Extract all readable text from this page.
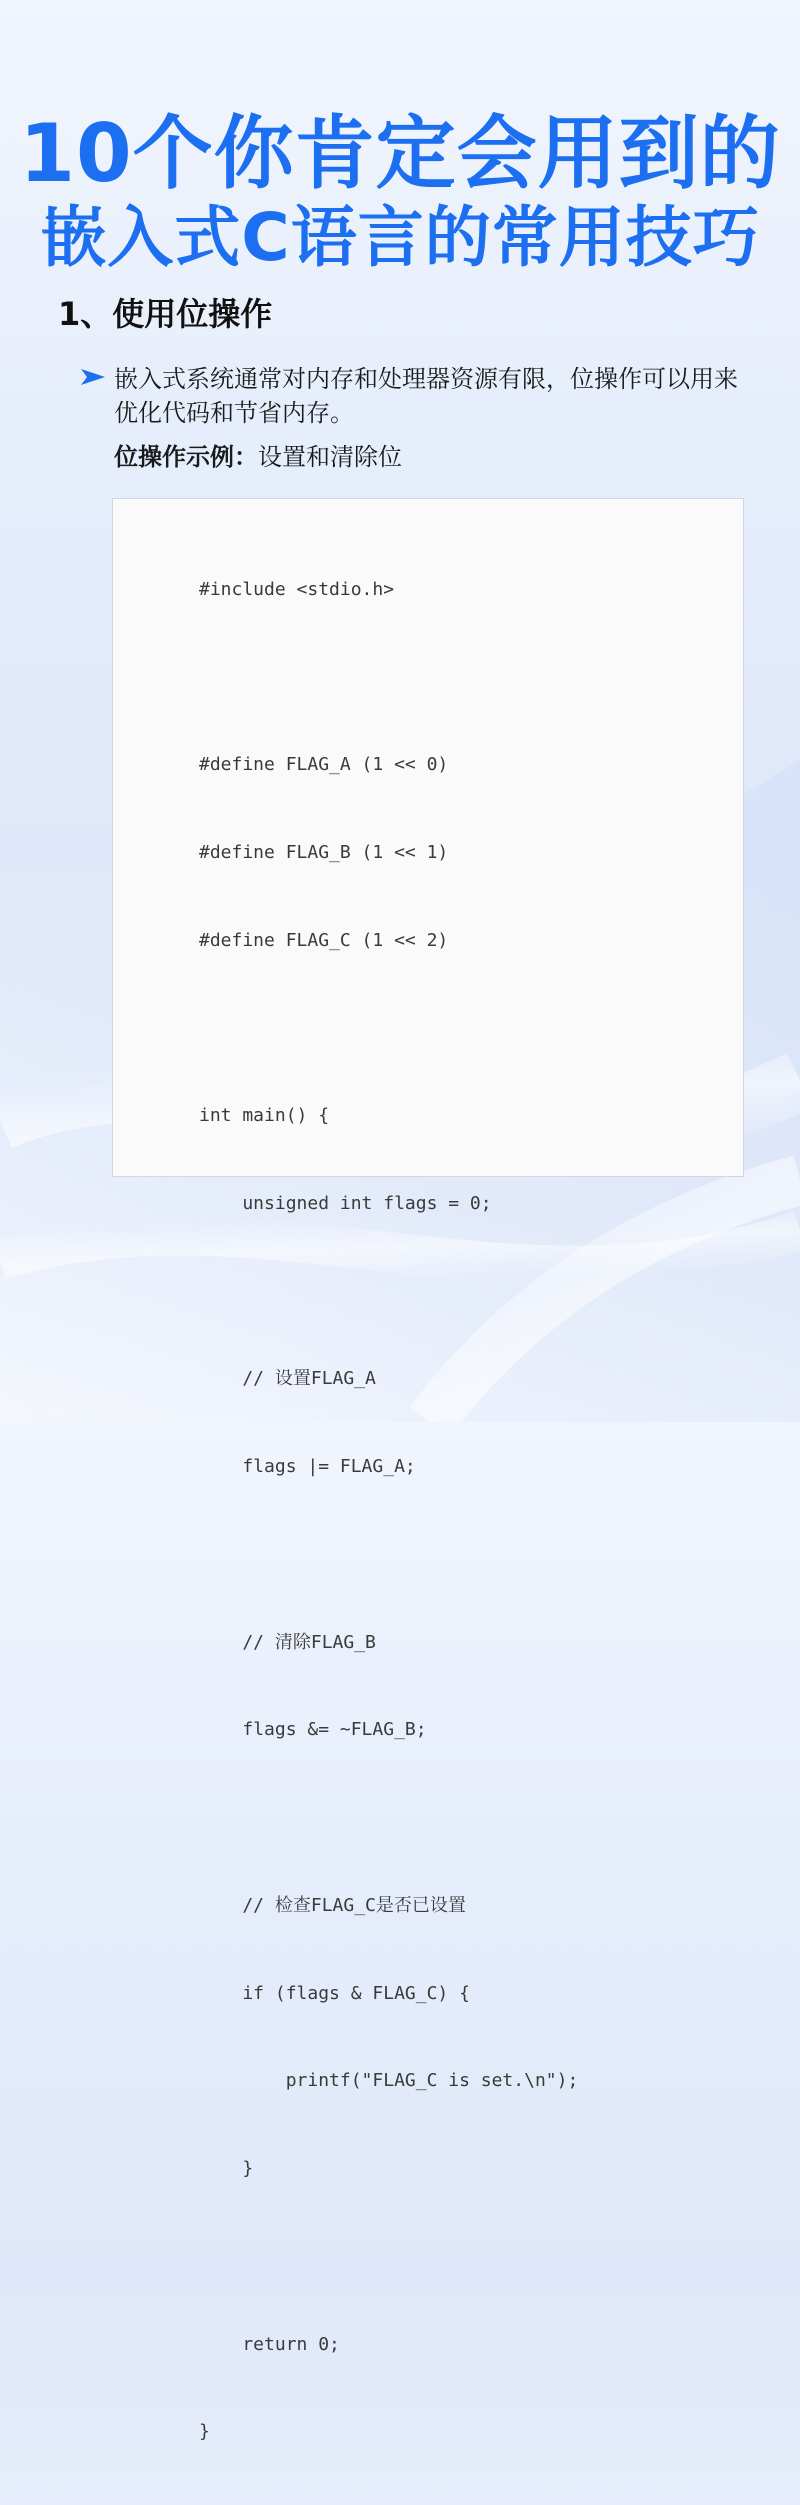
10个你肯定会用到的
嵌入式C语言的常用技巧
1、使用位操作
嵌入式系统通常对内存和处理器资源有限，位操作可以用来优化代码和节省内存。
位操作示例：设置和清除位

#include <stdio.h>

#define FLAG_A (1 << 0)

#define FLAG_B (1 << 1)

#define FLAG_C (1 << 2)

int main() {

unsigned int flags = 0;

// 设置FLAG_A

flags |= FLAG_A;

// 清除FLAG_B

flags &= ~FLAG_B;

// 检查FLAG_C是否已设置

if (flags & FLAG_C) {

printf("FLAG_C is set.\n");

}

return 0;

}
